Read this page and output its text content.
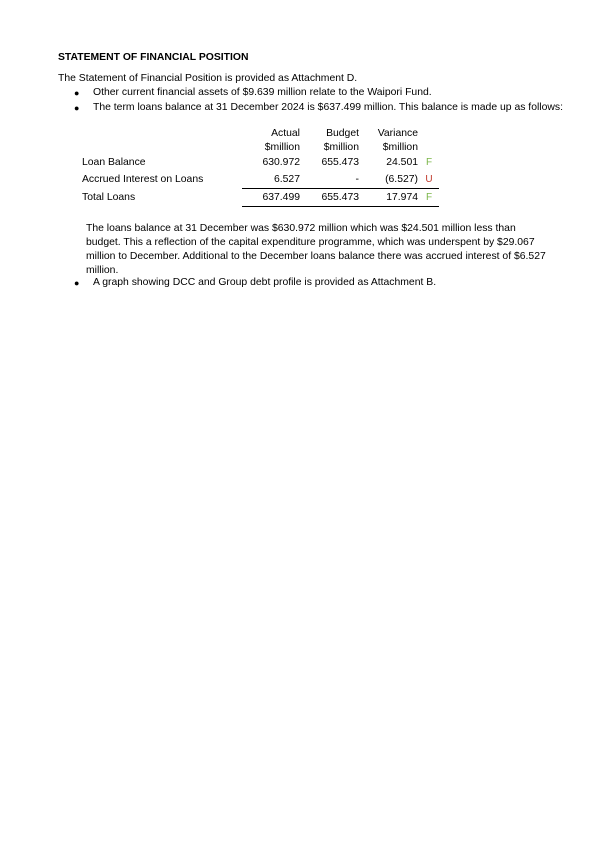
STATEMENT OF FINANCIAL POSITION
The Statement of Financial Position is provided as Attachment D.
●	Other current financial assets of $9.639 million relate to the Waipori Fund.
●	The term loans balance at 31 December 2024 is $637.499 million. This balance is made up as follows:
	Actual	Budget	Variance	
	$million	$million	$million	
Loan Balance	630.972	655.473	24.501	F
Accrued Interest on Loans	6.527	-	(6.527)	U
Total Loans	637.499	655.473	17.974	F
The loans balance at 31 December was $630.972 million which was $24.501 million less than budget. This a reflection of the capital expenditure programme, which was underspent by $29.067 million to December. Additional to the December loans balance there was accrued interest of $6.527 million.
●	A graph showing DCC and Group debt profile is provided as Attachment B.
